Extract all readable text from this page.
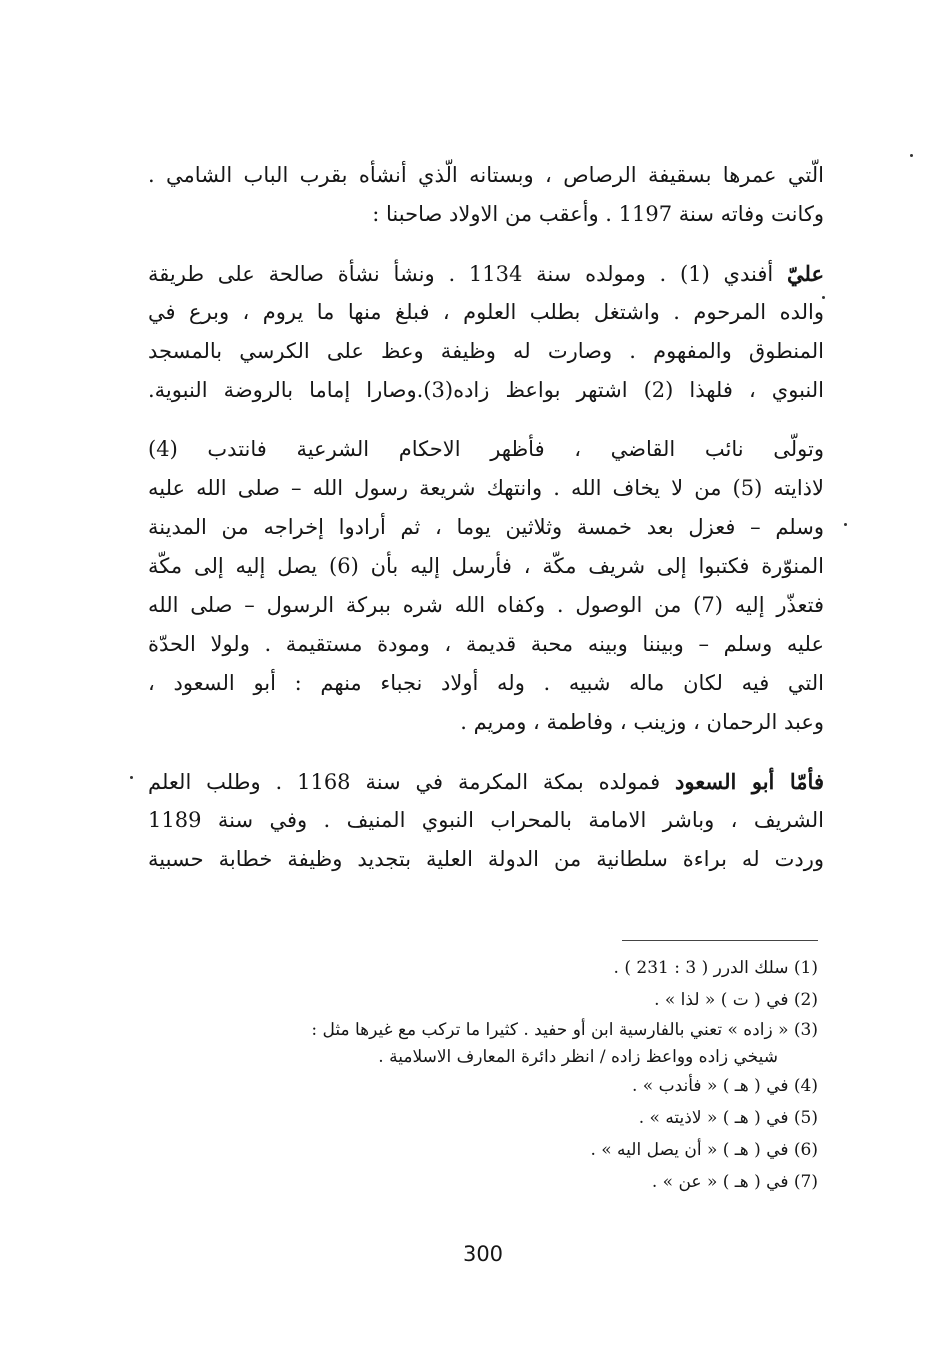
الّتي عمرها بسقيفة الرصاص ، وبستانه الّذي أنشأه بقرب الباب الشامي .
وكانت وفاته سنة 1197 . وأعقب من الاولاد صاحبنا :
عليّ أفندي (1) . ومولده سنة 1134 . ونشأ نشأة صالحة على طريقة
والده المرحوم . واشتغل بطلب العلوم ، فبلغ منها ما يروم ، وبرع في
المنطوق والمفهوم . وصارت له وظيفة وعظ على الكرسي بالمسجد
النبوي ، فلهذا (2) اشتهر بواعظ زاده(3).وصارا إماما بالروضة النبوية.
وتولّى نائب القاضي ، فأظهر الاحكام الشرعية فانتدب (4)
لاذايته (5) من لا يخاف الله . وانتهك شريعة رسول الله – صلى الله عليه
وسلم – فعزل بعد خمسة وثلاثين يوما ، ثم أرادوا إخراجه من المدينة
المنوّرة فكتبوا إلى شريف مكّة ، فأرسل إليه بأن (6) يصل إليه إلى مكّة
فتعذّر إليه (7) من الوصول . وكفاه الله شره ببركة الرسول – صلى الله
عليه وسلم – وبيننا وبينه محبة قديمة ، ومودة مستقيمة . ولولا الحدّة
التي فيه لكان ماله شبيه . وله أولاد نجباء منهم : أبو السعود ،
وعبد الرحمان ، وزينب ، وفاطمة ، ومريم .
فأمّا أبو السعود فمولده بمكة المكرمة في سنة 1168 . وطلب العلم
الشريف ، وباشر الامامة بالمحراب النبوي المنيف . وفي سنة 1189
وردت له براءة سلطانية من الدولة العلية بتجديد وظيفة خطابة حسبية
(1) سلك الدرر ( 3 : 231 ) .
(2) في ( ت ) « لذا » .
(3) « زاده » تعني بالفارسية ابن أو حفيد . كثيرا ما تركب مع غيرها مثل :
شيخي زاده وواعظ زاده / انظر دائرة المعارف الاسلامية .
(4) في ( هـ ) « فأندب » .
(5) في ( هـ ) « لاذيته » .
(6) في ( هـ ) « أن يصل اليه » .
(7) في ( هـ ) « عن » .
300
